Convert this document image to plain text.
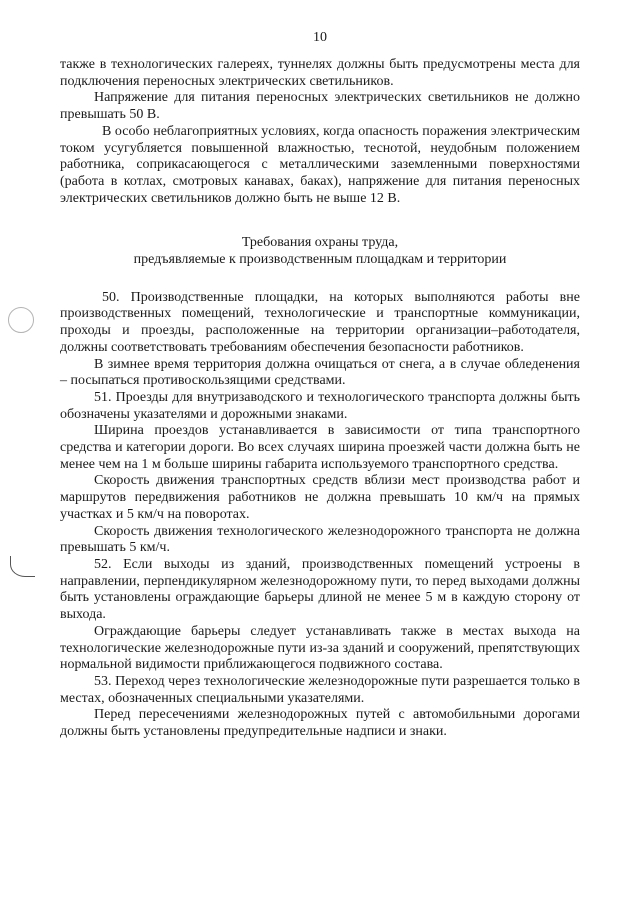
10

также в технологических галереях, туннелях должны быть предусмотрены места для подключения переносных электрических светильников.

Напряжение для питания переносных электрических светильников не должно превышать 50 В.

В особо неблагоприятных условиях, когда опасность поражения электрическим током усугубляется повышенной влажностью, теснотой, неудобным положением работника, соприкасающегося с металлическими заземленными поверхностями (работа в котлах, смотровых канавах, баках), напряжение для питания переносных электрических светильников должно быть не выше 12 В.

Требования охраны труда,

предъявляемые к производственным площадкам и территории

50. Производственные площадки, на которых выполняются работы вне производственных помещений, технологические и транспортные коммуникации, проходы и проезды, расположенные на территории организации–работодателя, должны соответствовать требованиям обеспечения безопасности работников.

В зимнее время территория должна очищаться от снега, а в случае обледенения – посыпаться противоскользящими средствами.

51. Проезды для внутризаводского и технологического транспорта должны быть обозначены указателями и дорожными знаками.

Ширина проездов устанавливается в зависимости от типа транспортного средства и категории дороги. Во всех случаях ширина проезжей части должна быть не менее чем на 1 м больше ширины габарита используемого транспортного средства.

Скорость движения транспортных средств вблизи мест производства работ и маршрутов передвижения работников не должна превышать 10 км/ч на прямых участках и 5 км/ч на поворотах.

Скорость движения технологического железнодорожного транспорта не должна превышать 5 км/ч.

52. Если выходы из зданий, производственных помещений устроены в направлении, перпендикулярном железнодорожному пути, то перед выходами должны быть установлены ограждающие барьеры длиной не менее 5 м в каждую сторону от выхода.

Ограждающие барьеры следует устанавливать также в местах выхода на технологические железнодорожные пути из-за зданий и сооружений, препятствующих нормальной видимости приближающегося подвижного состава.

53. Переход через технологические железнодорожные пути разрешается только в местах, обозначенных специальными указателями.

Перед пересечениями железнодорожных путей с автомобильными дорогами должны быть установлены предупредительные надписи и знаки.
